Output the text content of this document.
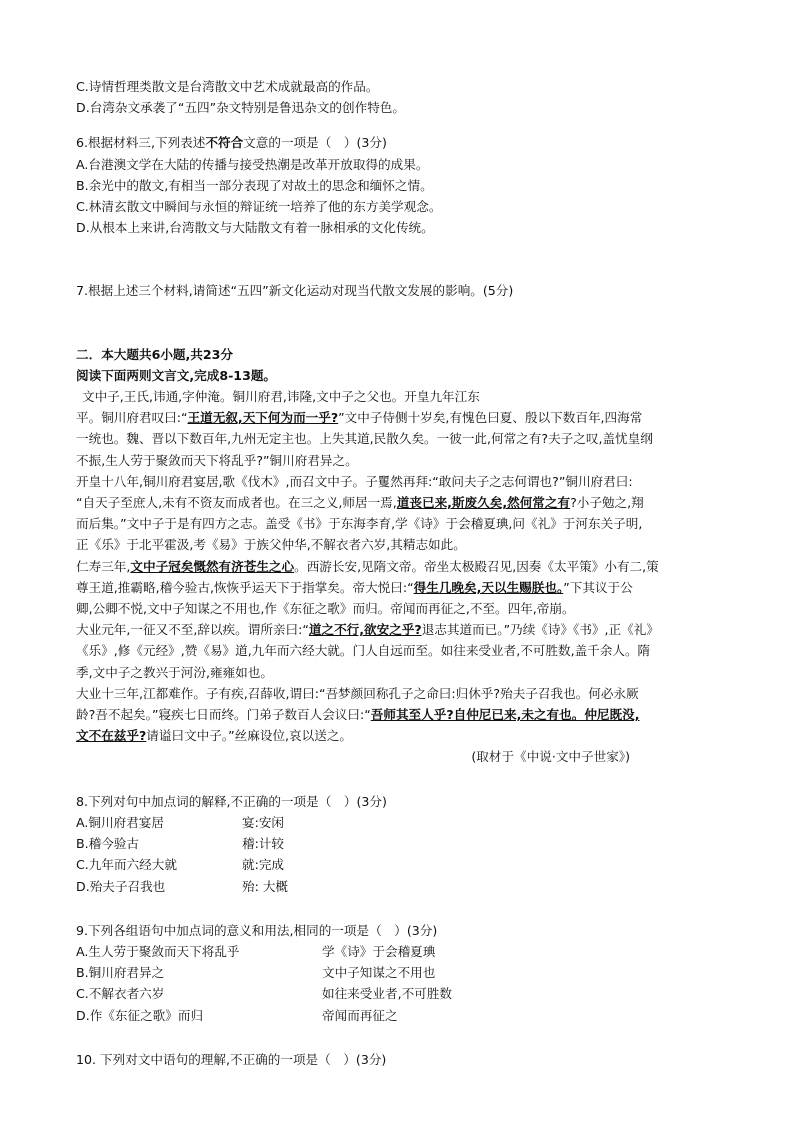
C.诗情哲理类散文是台湾散文中艺术成就最高的作品。
D.台湾杂文承袭了“五四”杂文特别是鲁迅杂文的创作特色。
6.根据材料三,下列表述不符合文意的一项是（　）(3分)
A.台港澳文学在大陆的传播与接受热潮是改革开放取得的成果。
B.余光中的散文,有相当一部分表现了对故土的思念和缅怀之情。
C.林清玄散文中瞬间与永恒的辩证统一培养了他的东方美学观念。
D.从根本上来讲,台湾散文与大陆散文有着一脉相承的文化传统。
7.根据上述三个材料,请简述“五四”新文化运动对现当代散文发展的影响。(5分)
二．本大题共6小题,共23分
阅读下面两则文言文,完成8-13题。
文中子,王氏,讳通,字仲淹。铜川府君,讳隆,文中子之父也。开皇九年江东
平。铜川府君叹曰:“王道无叙,天下何为而一乎?”文中子侍侧十岁矣,有愧色曰夏、殷以下数百年,四海常
一统也。魏、晋以下数百年,九州无定主也。上失其道,民散久矣。一彼一此,何常之有?夫子之叹,盖忧皇纲
不振,生人劳于聚敛而天下将乱乎?”铜川府君异之。
开皇十八年,铜川府君宴居,歌《伐木》,而召文中子。子矍然再拜:“敢问夫子之志何谓也?”铜川府君曰:
“自天子至庶人,未有不资友而成者也。在三之义,师居一焉,道丧已来,斯废久矣,然何常之有?小子勉之,翔
而后集。”文中子于是有四方之志。盖受《书》于东海李育,学《诗》于会稽夏琠,问《礼》于河东关子明,
正《乐》于北平霍汲,考《易》于族父仲华,不解衣者六岁,其精志如此。
仁寿三年,文中子冠矣慨然有济苍生之心。西游长安,见隋文帝。帝坐太极殿召见,因奏《太平策》小有二,策
尊王道,推霸略,稽今验古,恢恢乎运天下于指掌矣。帝大悦曰:“得生几晚矣,天以生赐朕也。”下其议于公
卿,公卿不悦,文中子知谋之不用也,作《东征之歌》而归。帝闻而再征之,不至。四年,帝崩。
大业元年,一征又不至,辞以疾。谓所亲曰:“道之不行,欲安之乎?退志其道而已。”乃续《诗》《书》,正《礼》
《乐》,修《元经》,赞《易》道,九年而六经大就。门人自远而至。如往来受业者,不可胜数,盖千余人。隋
季,文中子之教兴于河汾,雍雍如也。
大业十三年,江都难作。子有疾,召薛收,谓曰:“吾梦颜回称孔子之命曰:归休乎?殆夫子召我也。何必永厥
龄?吾不起矣。”寝疾七日而终。门弟子数百人会议曰:“吾师其至人乎?自仲尼已来,未之有也。仲尼既没,
文不在兹乎?请谥曰文中子。”丝麻设位,哀以送之。
(取材于《中说·文中子世家》)
8.下列对句中加点词的解释,不正确的一项是（　）(3分)
A.铜川府君宴居	宴:安闲
B.稽今验古	稽:计较
C.九年而六经大就	就:完成
D.殆夫子召我也	殆: 大概
9.下列各组语句中加点词的意义和用法,相同的一项是（　）(3分)
A.生人劳于聚敛而天下将乱乎	学《诗》于会稽夏琠
B.铜川府君异之	文中子知谋之不用也
C.不解衣者六岁	如往来受业者,不可胜数
D.作《东征之歌》而归	帝闻而再征之
10. 下列对文中语句的理解,不正确的一项是（　）(3分)
